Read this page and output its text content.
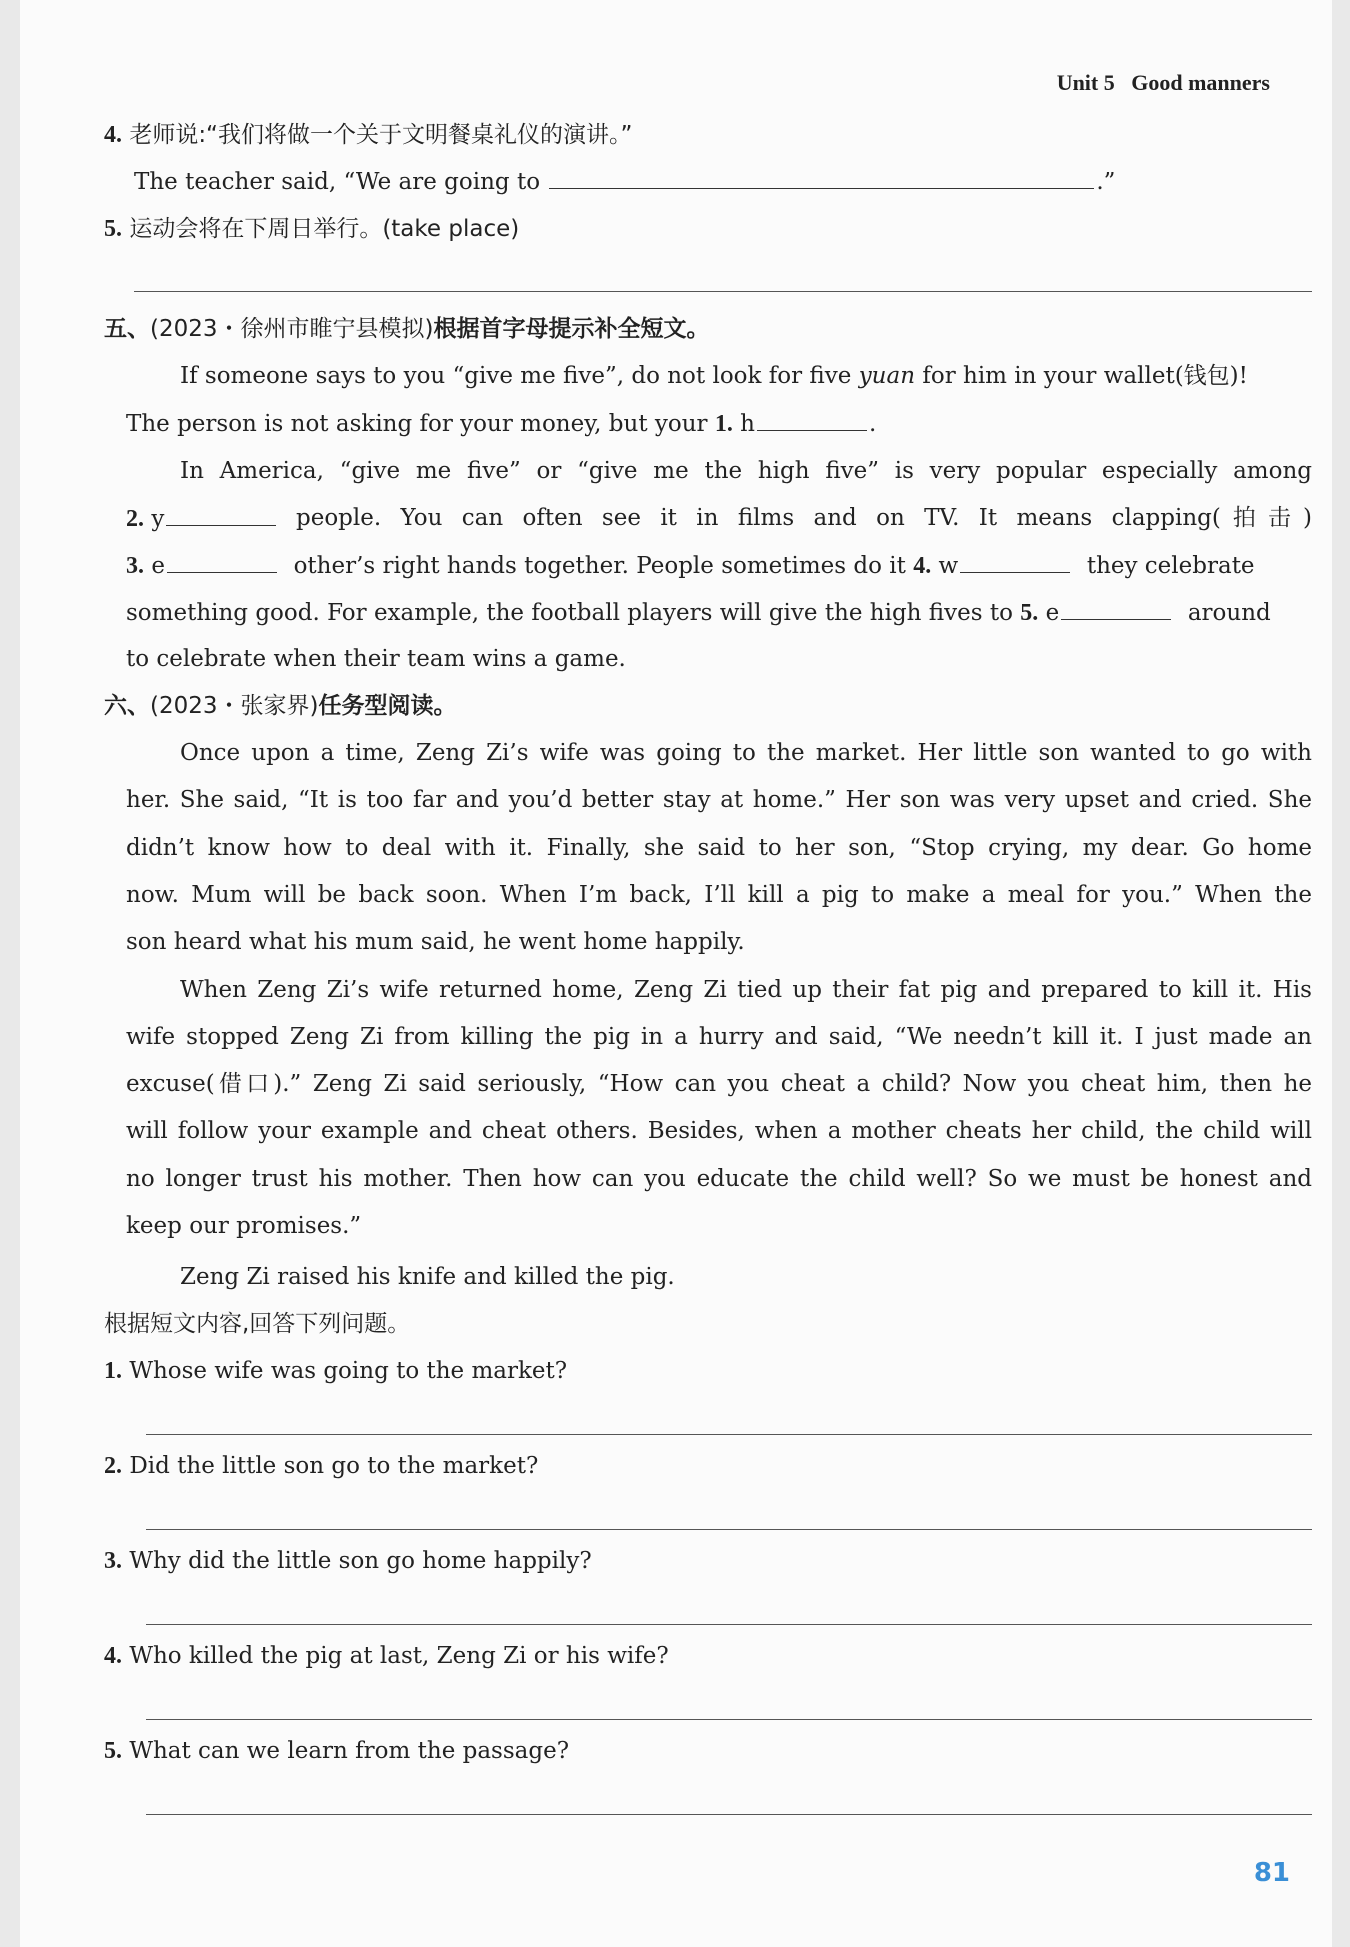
Unit 5 Good manners
4. 老师说:“我们将做一个关于文明餐桌礼仪的演讲。”
The teacher said, “We are going to	.”
5. 运动会将在下周日举行。(take place)
五、(2023・徐州市睢宁县模拟)根据首字母提示补全短文。
If someone says to you “give me five”, do not look for five yuan for him in your wallet(钱包)!
The person is not asking for your money, but your 1. h	.
In America, “give me five” or “give me the high five” is very popular especially among
2. y	people. You can often see it in films and on TV. It means clapping(拍击)
3. e	other’s right hands together. People sometimes do it 4. w	they celebrate
something good. For example, the football players will give the high fives to 5. e	around
to celebrate when their team wins a game.
六、(2023・张家界)任务型阅读。
Once upon a time, Zeng Zi’s wife was going to the market. Her little son wanted to go with
her. She said, “It is too far and you’d better stay at home.” Her son was very upset and cried. She
didn’t know how to deal with it. Finally, she said to her son, “Stop crying, my dear. Go home
now. Mum will be back soon. When I’m back, I’ll kill a pig to make a meal for you.” When the
son heard what his mum said, he went home happily.
When Zeng Zi’s wife returned home, Zeng Zi tied up their fat pig and prepared to kill it. His
wife stopped Zeng Zi from killing the pig in a hurry and said, “We needn’t kill it. I just made an
excuse(借口).” Zeng Zi said seriously, “How can you cheat a child? Now you cheat him, then he
will follow your example and cheat others. Besides, when a mother cheats her child, the child will
no longer trust his mother. Then how can you educate the child well? So we must be honest and
keep our promises.”
Zeng Zi raised his knife and killed the pig.
根据短文内容,回答下列问题。
1. Whose wife was going to the market?
2. Did the little son go to the market?
3. Why did the little son go home happily?
4. Who killed the pig at last, Zeng Zi or his wife?
5. What can we learn from the passage?
81
